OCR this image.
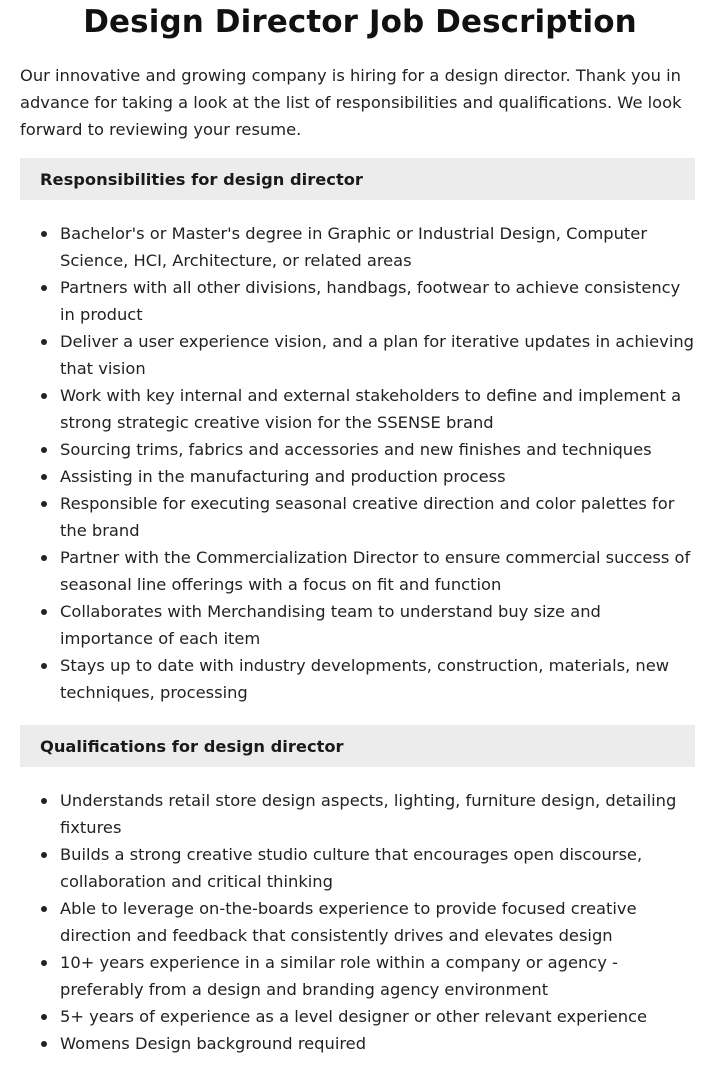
Design Director Job Description

Our innovative and growing company is hiring for a design director. Thank you in advance for taking a look at the list of responsibilities and qualifications. We look forward to reviewing your resume.

Responsibilities for design director
Bachelor's or Master's degree in Graphic or Industrial Design, Computer Science, HCI, Architecture, or related areas
Partners with all other divisions, handbags, footwear to achieve consistency in product
Deliver a user experience vision, and a plan for iterative updates in achieving that vision
Work with key internal and external stakeholders to define and implement a strong strategic creative vision for the SSENSE brand
Sourcing trims, fabrics and accessories and new finishes and techniques
Assisting in the manufacturing and production process
Responsible for executing seasonal creative direction and color palettes for the brand
Partner with the Commercialization Director to ensure commercial success of seasonal line offerings with a focus on fit and function
Collaborates with Merchandising team to understand buy size and importance of each item
Stays up to date with industry developments, construction, materials, new techniques, processing
Qualifications for design director
Understands retail store design aspects, lighting, furniture design, detailing fixtures
Builds a strong creative studio culture that encourages open discourse, collaboration and critical thinking
Able to leverage on-the-boards experience to provide focused creative direction and feedback that consistently drives and elevates design
10+ years experience in a similar role within a company or agency - preferably from a design and branding agency environment
5+ years of experience as a level designer or other relevant experience
Womens Design background required
